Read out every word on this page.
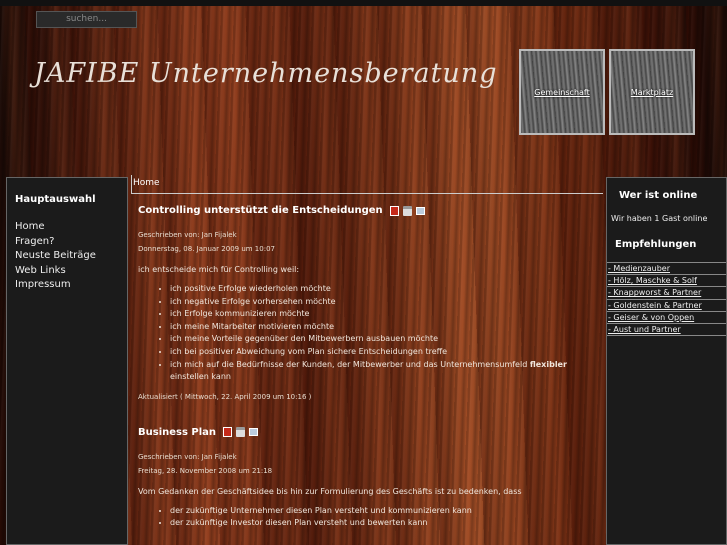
suchen...
JAFIBE Unternehmensberatung
Gemeinschaft	Marktplatz
Hauptauswahl
Home
Fragen?
Neuste Beiträge
Web Links
Impressum
Home
Controlling unterstützt die Entscheidungen
Geschrieben von: Jan Fijalek
Donnerstag, 08. Januar 2009 um 10:07
ich entscheide mich für Controlling weil:
• ich positive Erfolge wiederholen möchte
• ich negative Erfolge vorhersehen möchte
• ich Erfolge kommunizieren möchte
• ich meine Mitarbeiter motivieren möchte
• ich meine Vorteile gegenüber den Mitbewerbern ausbauen möchte
• ich bei positiver Abweichung vom Plan sichere Entscheidungen treffe
• ich mich auf die Bedürfnisse der Kunden, der Mitbewerber und das Unternehmensumfeld flexibler einstellen kann
Aktualisiert ( Mittwoch, 22. April 2009 um 10:16 )
Business Plan
Geschrieben von: Jan Fijalek
Freitag, 28. November 2008 um 21:18
Vom Gedanken der Geschäftsidee bis hin zur Formulierung des Geschäfts ist zu bedenken, dass
• der zukünftige Unternehmer diesen Plan versteht und kommunizieren kann
• der zukünftige Investor diesen Plan versteht und bewerten kann
Wer ist online
Wir haben 1 Gast online
Empfehlungen
- Medienzauber
- Hölz, Maschke & Solf
- Knappworst & Partner
- Goldenstein & Partner
- Geiser & von Oppen
- Aust und Partner
